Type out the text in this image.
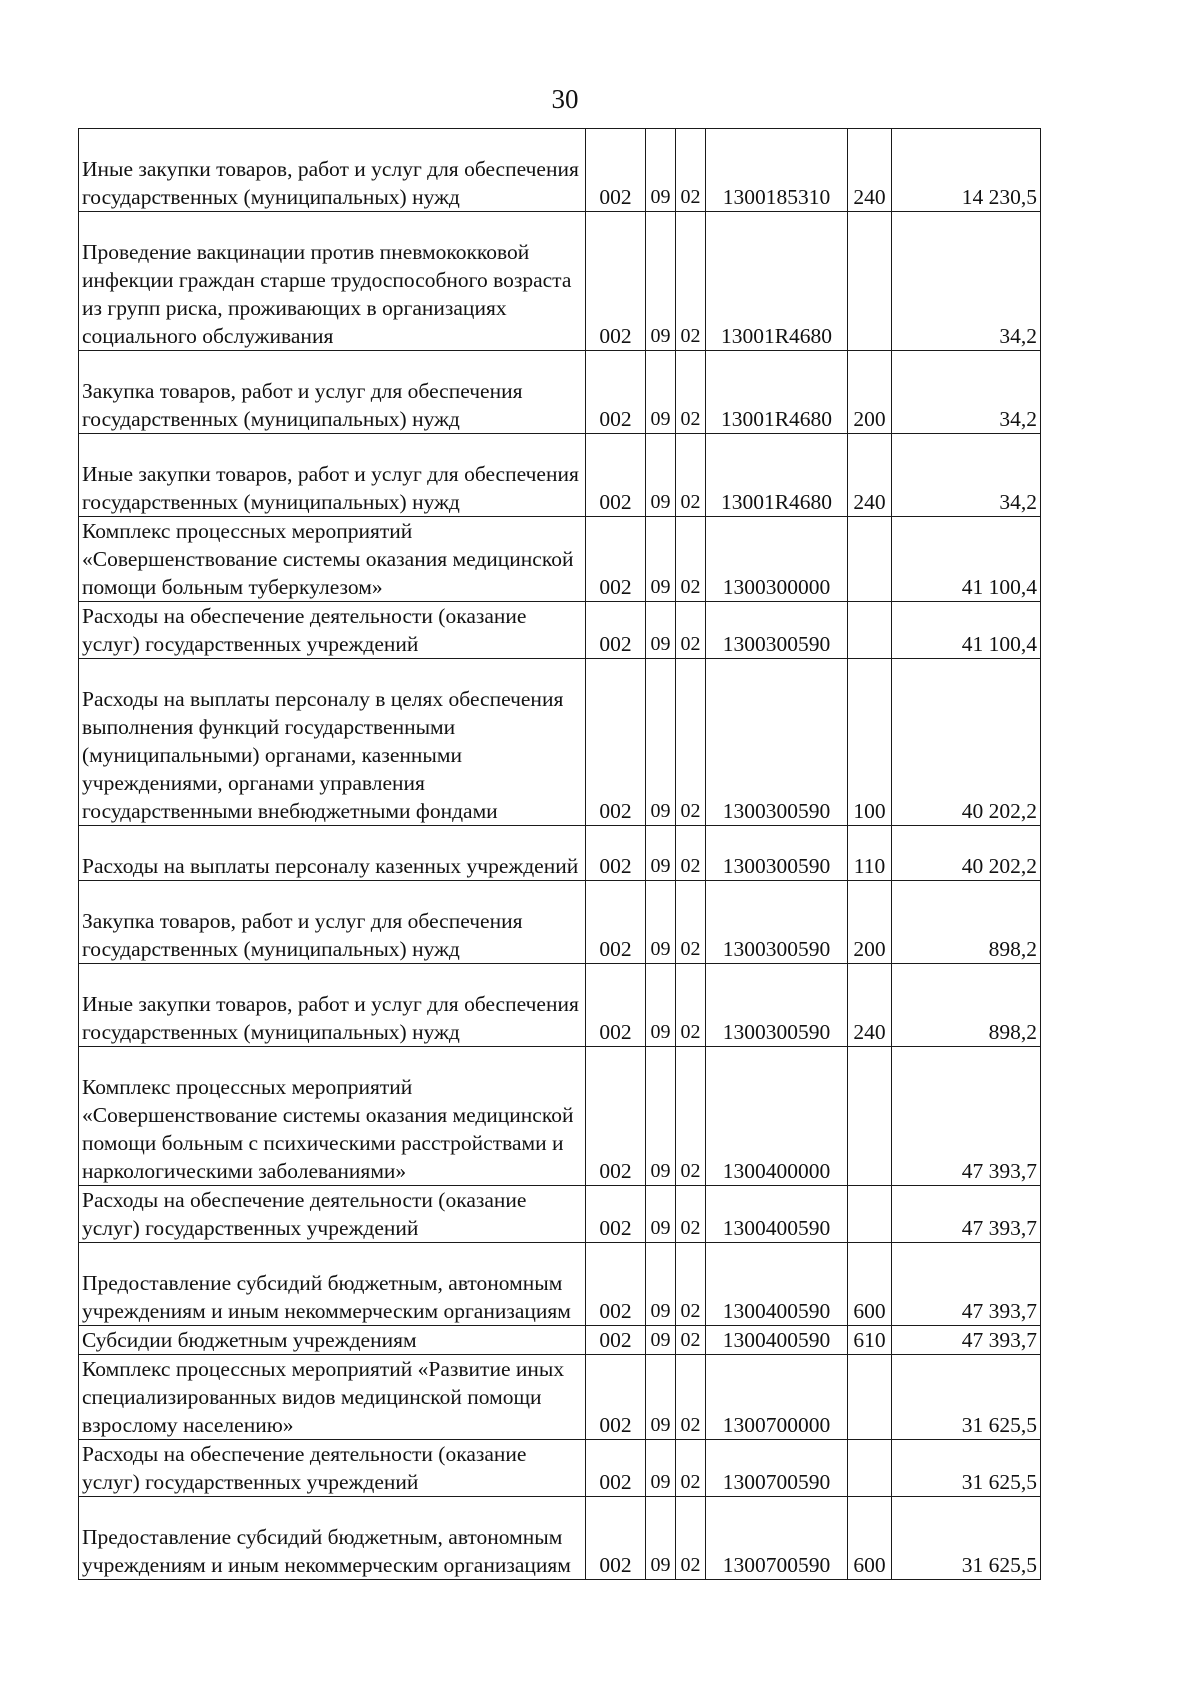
30
Иные закупки товаров, работ и услуг для обеспечения государственных (муниципальных) нужд	002	09	02	1300185310	240	14 230,5
Проведение вакцинации против пневмококковой инфекции граждан старше трудоспособного возраста из групп риска, проживающих в организациях социального обслуживания	002	09	02	13001R4680		34,2
Закупка товаров, работ и услуг для обеспечения государственных (муниципальных) нужд	002	09	02	13001R4680	200	34,2
Иные закупки товаров, работ и услуг для обеспечения государственных (муниципальных) нужд	002	09	02	13001R4680	240	34,2
Комплекс процессных мероприятий «Совершенствование системы оказания медицинской помощи больным туберкулезом»	002	09	02	1300300000		41 100,4
Расходы на обеспечение деятельности (оказание услуг) государственных учреждений	002	09	02	1300300590		41 100,4
Расходы на выплаты персоналу в целях обеспечения выполнения функций государственными (муниципальными) органами, казенными учреждениями, органами управления государственными внебюджетными фондами	002	09	02	1300300590	100	40 202,2
Расходы на выплаты персоналу казенных учреждений	002	09	02	1300300590	110	40 202,2
Закупка товаров, работ и услуг для обеспечения государственных (муниципальных) нужд	002	09	02	1300300590	200	898,2
Иные закупки товаров, работ и услуг для обеспечения государственных (муниципальных) нужд	002	09	02	1300300590	240	898,2
Комплекс процессных мероприятий «Совершенствование системы оказания медицинской помощи больным с психическими расстройствами и наркологическими заболеваниями»	002	09	02	1300400000		47 393,7
Расходы на обеспечение деятельности (оказание услуг) государственных учреждений	002	09	02	1300400590		47 393,7
Предоставление субсидий бюджетным, автономным учреждениям и иным некоммерческим организациям	002	09	02	1300400590	600	47 393,7
Субсидии бюджетным учреждениям	002	09	02	1300400590	610	47 393,7
Комплекс процессных мероприятий «Развитие иных специализированных видов медицинской помощи взрослому населению»	002	09	02	1300700000		31 625,5
Расходы на обеспечение деятельности (оказание услуг) государственных учреждений	002	09	02	1300700590		31 625,5
Предоставление субсидий бюджетным, автономным учреждениям и иным некоммерческим организациям	002	09	02	1300700590	600	31 625,5
